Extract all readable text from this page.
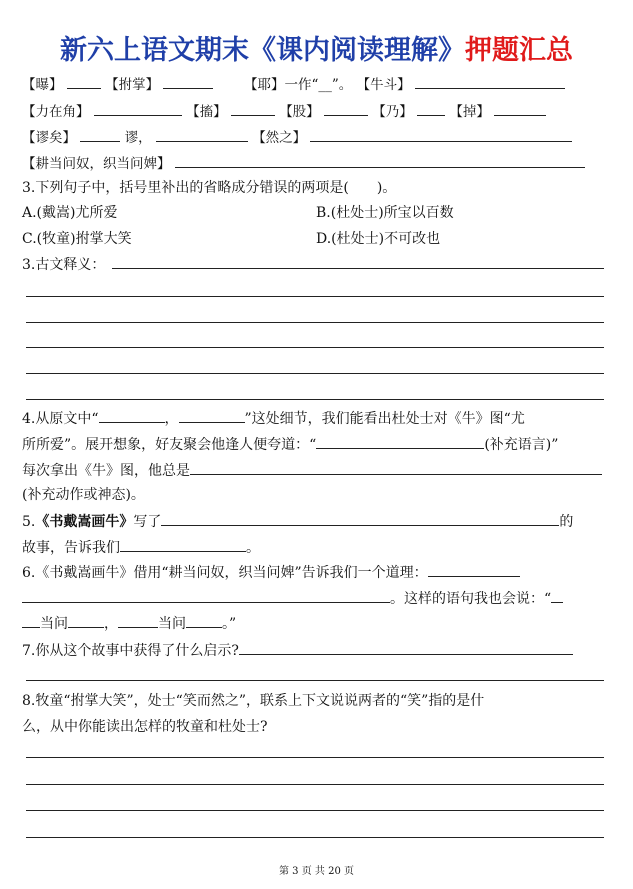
新六上语文期末《课内阅读理解》押题汇总
【曝】	【拊掌】	【耶】一作“__”。 【牛斗】
【力在角】	【搐】	【股】	【乃】	【掉】
【谬矣】	谬，	【然之】
【耕当问奴，织当问婢】
3.下列句子中，括号里补出的省略成分错误的两项是(　　)。
A.(戴嵩)尤所爱	B.(杜处士)所宝以百数
C.(牧童)拊掌大笑	D.(杜处士)不可改也
3.古文释义：
4.从原文中“	，	”这处细节，我们能看出杜处士对《牛》图“尤
所所爱”。展开想象，好友聚会他逢人便夸道：“	(补充语言)”
每次拿出《牛》图，他总是
(补充动作或神态)。
5.《书戴嵩画牛》写了	的
故事，告诉我们	。
6.《书戴嵩画牛》借用“耕当问奴，织当问婢”告诉我们一个道理：
。这样的语句我也会说：“
当问	，	当问	。”
7.你从这个故事中获得了什么启示?
8.牧童“拊掌大笑”，处士“笑而然之”，联系上下文说说两者的“笑”指的是什
么，从中你能读出怎样的牧童和杜处士?
第 3 页 共 20 页
